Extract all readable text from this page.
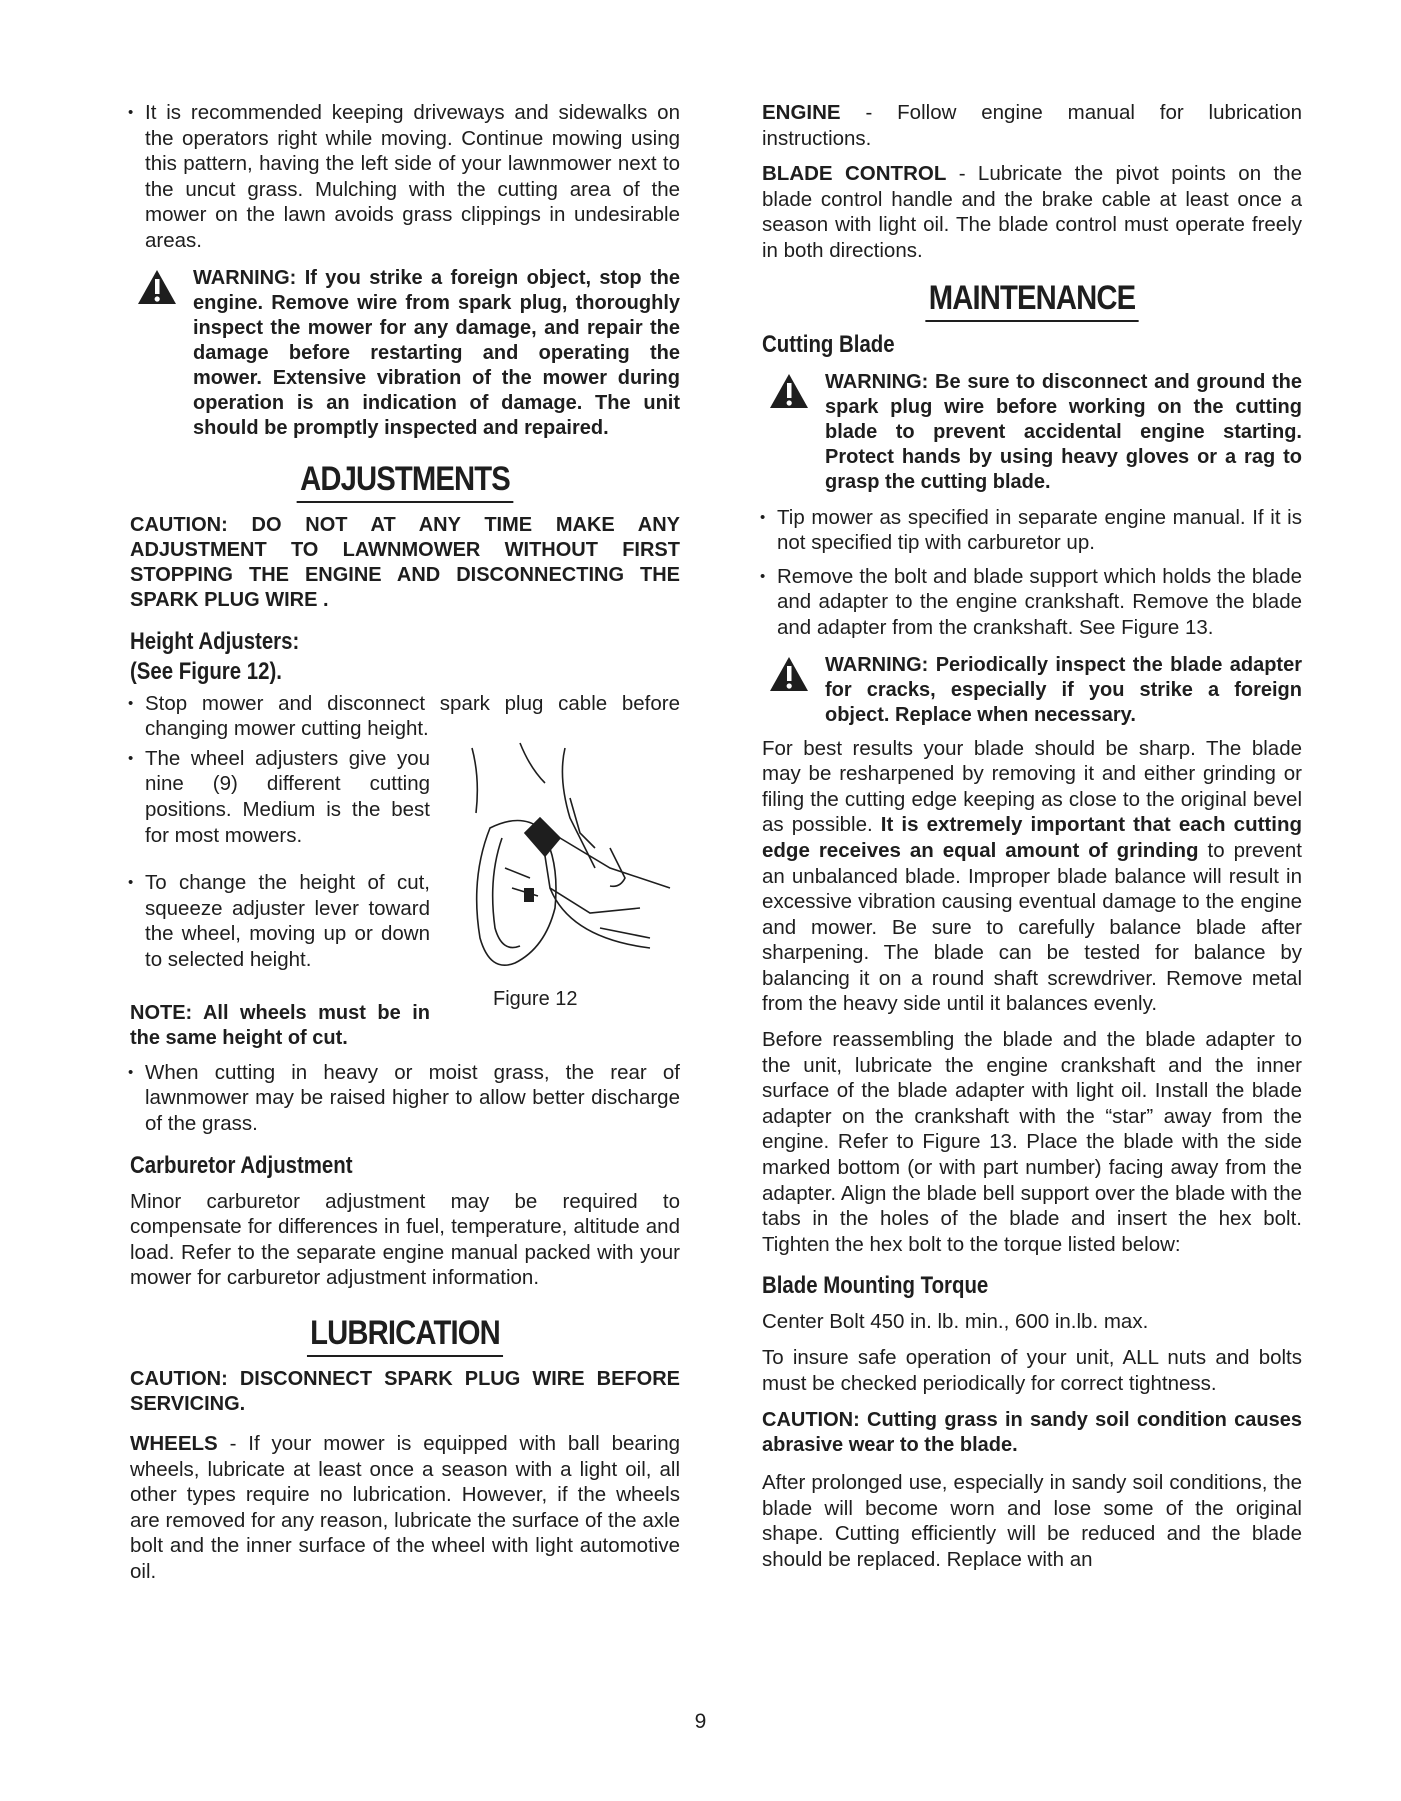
• It is recommended keeping driveways and sidewalks on the operators right while moving. Continue mowing using this pattern, having the left side of your lawnmower next to the uncut grass. Mulching with the cutting area of the mower on the lawn avoids grass clippings in undesirable areas.

WARNING: If you strike a foreign object, stop the engine. Remove wire from spark plug, thoroughly inspect the mower for any damage, and repair the damage before restarting and operating the mower. Extensive vibration of the mower during operation is an indication of damage. The unit should be promptly inspected and repaired.
ADJUSTMENTS

CAUTION: DO NOT AT ANY TIME MAKE ANY ADJUSTMENT TO LAWNMOWER WITHOUT FIRST STOPPING THE ENGINE AND DISCONNECTING THE SPARK PLUG WIRE .

Height Adjusters:

(See Figure 12).

• Stop mower and disconnect spark plug cable before changing mower cutting height.

• The wheel adjusters give you nine (9) different cutting positions. Medium is the best for most mowers.

• To change the height of cut, squeeze adjuster lever toward the wheel, moving up or down to selected height.

Figure 12

NOTE: All wheels must be in the same height of cut.

• When cutting in heavy or moist grass, the rear of lawnmower may be raised higher to allow better discharge of the grass.

Carburetor Adjustment

Minor carburetor adjustment may be required to compensate for differences in fuel, temperature, altitude and load. Refer to the separate engine manual packed with your mower for carburetor adjustment information.

LUBRICATION

CAUTION: DISCONNECT SPARK PLUG WIRE BEFORE SERVICING.

WHEELS - If your mower is equipped with ball bearing wheels, lubricate at least once a season with a light oil, all other types require no lubrication. However, if the wheels are removed for any reason, lubricate the surface of the axle bolt and the inner surface of the wheel with light automotive oil.

ENGINE - Follow engine manual for lubrication instructions.

BLADE CONTROL - Lubricate the pivot points on the blade control handle and the brake cable at least once a season with light oil. The blade control must operate freely in both directions.

MAINTENANCE

Cutting Blade

WARNING: Be sure to disconnect and ground the spark plug wire before working on the cutting blade to prevent accidental engine starting. Protect hands by using heavy gloves or a rag to grasp the cutting blade.

• Tip mower as specified in separate engine manual. If it is not specified tip with carburetor up.

• Remove the bolt and blade support which holds the blade and adapter to the engine crankshaft. Remove the blade and adapter from the crankshaft. See Figure 13.

WARNING: Periodically inspect the blade adapter for cracks, especially if you strike a foreign object. Replace when necessary.

For best results your blade should be sharp. The blade may be resharpened by removing it and either grinding or filing the cutting edge keeping as close to the original bevel as possible. It is extremely important that each cutting edge receives an equal amount of grinding to prevent an unbalanced blade. Improper blade balance will result in excessive vibration causing eventual damage to the engine and mower. Be sure to carefully balance blade after sharpening. The blade can be tested for balance by balancing it on a round shaft screwdriver. Remove metal from the heavy side until it balances evenly.

Before reassembling the blade and the blade adapter to the unit, lubricate the engine crankshaft and the inner surface of the blade adapter with light oil. Install the blade adapter on the crankshaft with the “star” away from the engine. Refer to Figure 13. Place the blade with the side marked bottom (or with part number) facing away from the adapter. Align the blade bell support over the blade with the tabs in the holes of the blade and insert the hex bolt. Tighten the hex bolt to the torque listed below:

Blade Mounting Torque

Center Bolt 450 in. lb. min., 600 in.lb. max.

To insure safe operation of your unit, ALL nuts and bolts must be checked periodically for correct tightness.

CAUTION: Cutting grass in sandy soil condition causes abrasive wear to the blade.

After prolonged use, especially in sandy soil conditions, the blade will become worn and lose some of the original shape. Cutting efficiently will be reduced and the blade should be replaced. Replace with an

9
